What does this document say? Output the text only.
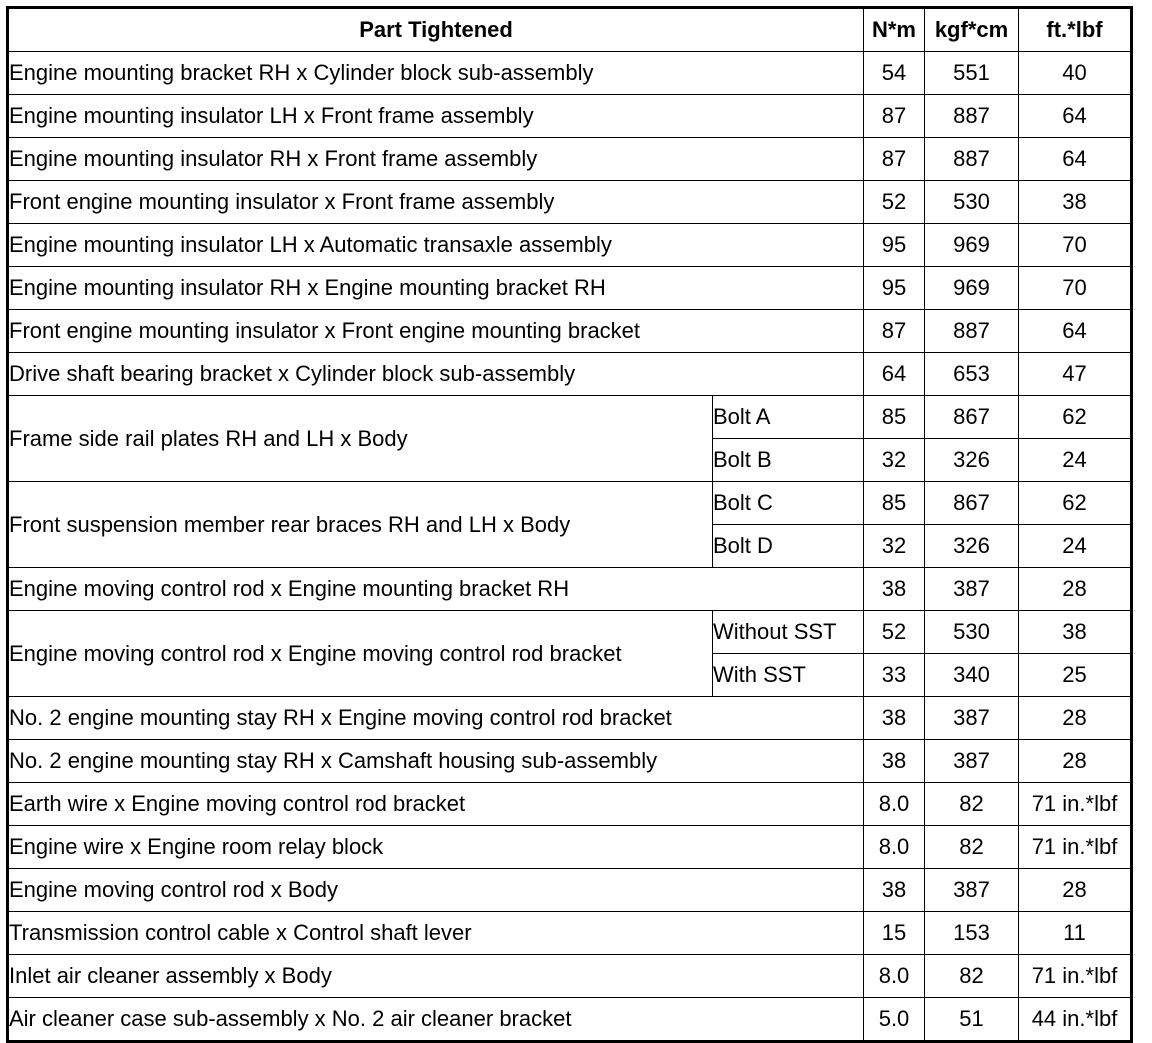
Part Tightened		N*m	kgf*cm	ft.*lbf
Engine mounting bracket RH x Cylinder block sub-assembly		54	551	40
Engine mounting insulator LH x Front frame assembly		87	887	64
Engine mounting insulator RH x Front frame assembly		87	887	64
Front engine mounting insulator x Front frame assembly		52	530	38
Engine mounting insulator LH x Automatic transaxle assembly		95	969	70
Engine mounting insulator RH x Engine mounting bracket RH		95	969	70
Front engine mounting insulator x Front engine mounting bracket		87	887	64
Drive shaft bearing bracket x Cylinder block sub-assembly		64	653	47
Frame side rail plates RH and LH x Body	Bolt A	85	867	62
	Bolt B	32	326	24
Front suspension member rear braces RH and LH x Body	Bolt C	85	867	62
	Bolt D	32	326	24
Engine moving control rod x Engine mounting bracket RH		38	387	28
Engine moving control rod x Engine moving control rod bracket	Without SST	52	530	38
	With SST	33	340	25
No. 2 engine mounting stay RH x Engine moving control rod bracket		38	387	28
No. 2 engine mounting stay RH x Camshaft housing sub-assembly		38	387	28
Earth wire x Engine moving control rod bracket		8.0	82	71 in.*lbf
Engine wire x Engine room relay block		8.0	82	71 in.*lbf
Engine moving control rod x Body		38	387	28
Transmission control cable x Control shaft lever		15	153	11
Inlet air cleaner assembly x Body		8.0	82	71 in.*lbf
Air cleaner case sub-assembly x No. 2 air cleaner bracket		5.0	51	44 in.*lbf
